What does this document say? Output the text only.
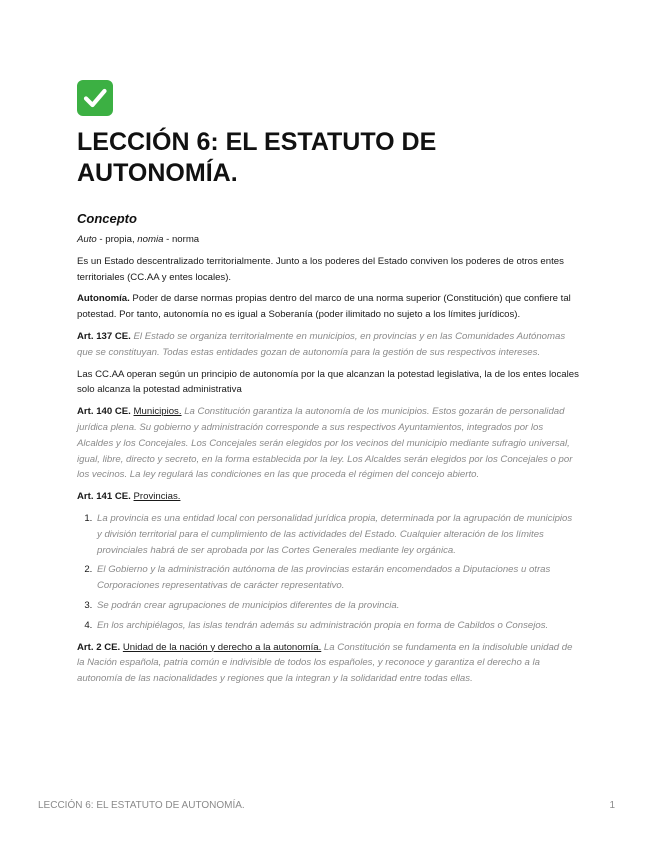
LECCIÓN 6: EL ESTATUTO DE AUTONOMÍA.
Concepto

Auto - propia, nomia - norma

Es un Estado descentralizado territorialmente. Junto a los poderes del Estado conviven los poderes de otros entes territoriales (CC.AA y entes locales).

Autonomía. Poder de darse normas propias dentro del marco de una norma superior (Constitución) que confiere tal potestad. Por tanto, autonomía no es igual a Soberanía (poder ilimitado no sujeto a los límites jurídicos).

Art. 137 CE. El Estado se organiza territorialmente en municipios, en provincias y en las Comunidades Autónomas que se constituyan. Todas estas entidades gozan de autonomía para la gestión de sus respectivos intereses.

Las CC.AA operan según un principio de autonomía por la que alcanzan la potestad legislativa, la de los entes locales solo alcanza la potestad administrativa

Art. 140 CE. Municipios. La Constitución garantiza la autonomía de los municipios. Estos gozarán de personalidad jurídica plena. Su gobierno y administración corresponde a sus respectivos Ayuntamientos, integrados por los Alcaldes y los Concejales. Los Concejales serán elegidos por los vecinos del municipio mediante sufragio universal, igual, libre, directo y secreto, en la forma establecida por la ley. Los Alcaldes serán elegidos por los Concejales o por los vecinos. La ley regulará las condiciones en las que proceda el régimen del concejo abierto.

Art. 141 CE. Provincias.

1. La provincia es una entidad local con personalidad jurídica propia, determinada por la agrupación de municipios y división territorial para el cumplimiento de las actividades del Estado. Cualquier alteración de los límites provinciales habrá de ser aprobada por las Cortes Generales mediante ley orgánica.
2. El Gobierno y la administración autónoma de las provincias estarán encomendados a Diputaciones u otras Corporaciones representativas de carácter representativo.
3. Se podrán crear agrupaciones de municipios diferentes de la provincia.
4. En los archipiélagos, las islas tendrán además su administración propia en forma de Cabildos o Consejos.

Art. 2 CE. Unidad de la nación y derecho a la autonomía. La Constitución se fundamenta en la indisoluble unidad de la Nación española, patria común e indivisible de todos los españoles, y reconoce y garantiza el derecho a la autonomía de las nacionalidades y regiones que la integran y la solidaridad entre todas ellas.

LECCIÓN 6: EL ESTATUTO DE AUTONOMÍA.	1
